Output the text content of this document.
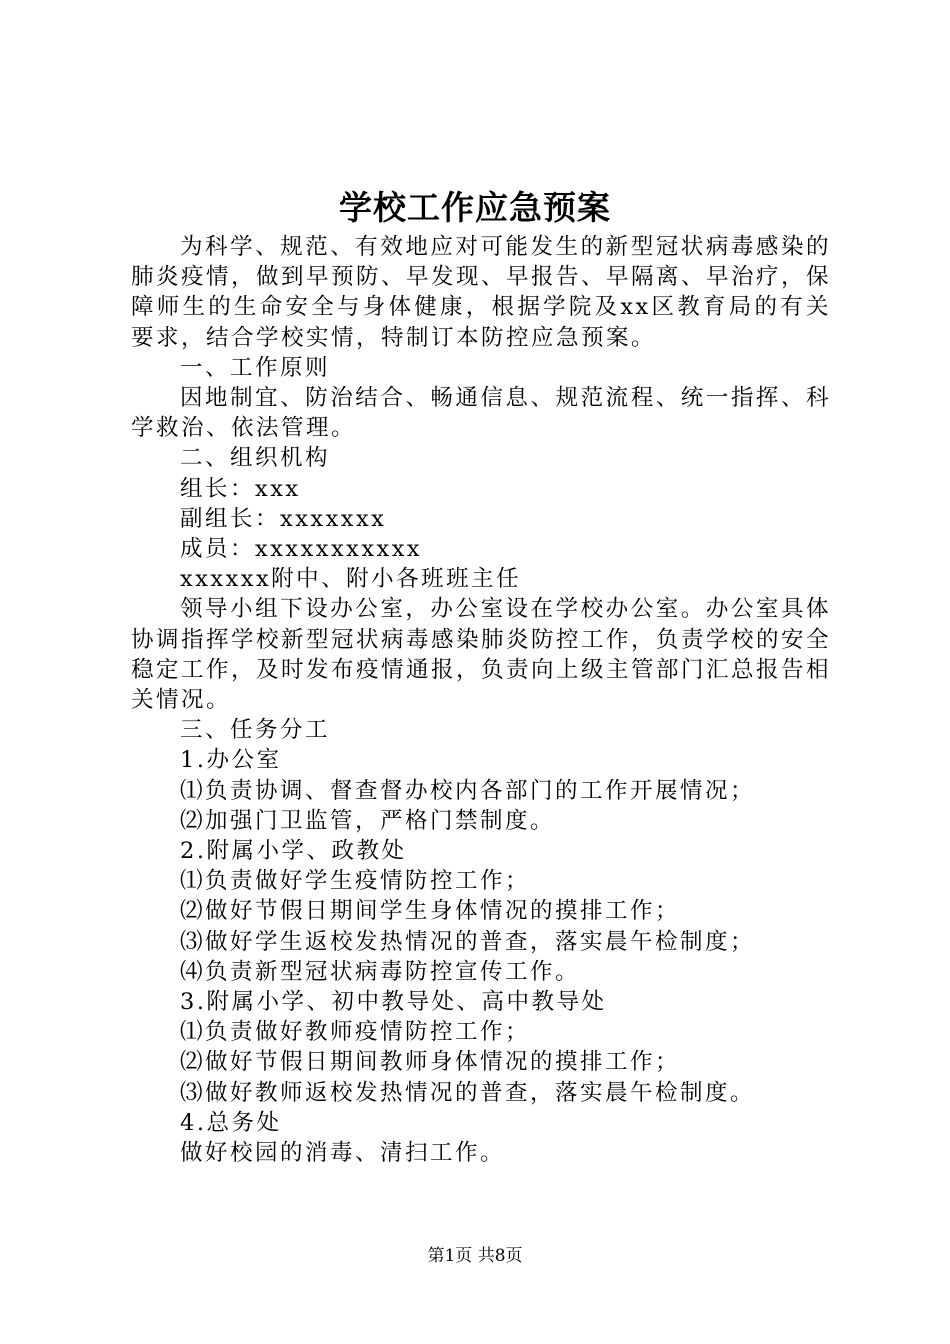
学校工作应急预案

为科学、规范、有效地应对可能发生的新型冠状病毒感染的肺炎疫情，做到早预防、早发现、早报告、早隔离、早治疗，保障师生的生命安全与身体健康，根据学院及xx区教育局的有关要求，结合学校实情，特制订本防控应急预案。

一、工作原则

因地制宜、防治结合、畅通信息、规范流程、统一指挥、科学救治、依法管理。

二、组织机构

组长：xxx

副组长：xxxxxxx

成员：xxxxxxxxxxx

xxxxxx附中、附小各班班主任

领导小组下设办公室，办公室设在学校办公室。办公室具体协调指挥学校新型冠状病毒感染肺炎防控工作，负责学校的安全稳定工作，及时发布疫情通报，负责向上级主管部门汇总报告相关情况。

三、任务分工

1.办公室

⑴负责协调、督查督办校内各部门的工作开展情况；

⑵加强门卫监管，严格门禁制度。

2.附属小学、政教处

⑴负责做好学生疫情防控工作；

⑵做好节假日期间学生身体情况的摸排工作；

⑶做好学生返校发热情况的普查，落实晨午检制度；

⑷负责新型冠状病毒防控宣传工作。

3.附属小学、初中教导处、高中教导处

⑴负责做好教师疫情防控工作；

⑵做好节假日期间教师身体情况的摸排工作；

⑶做好教师返校发热情况的普查，落实晨午检制度。

4.总务处

做好校园的消毒、清扫工作。

第1页 共8页
